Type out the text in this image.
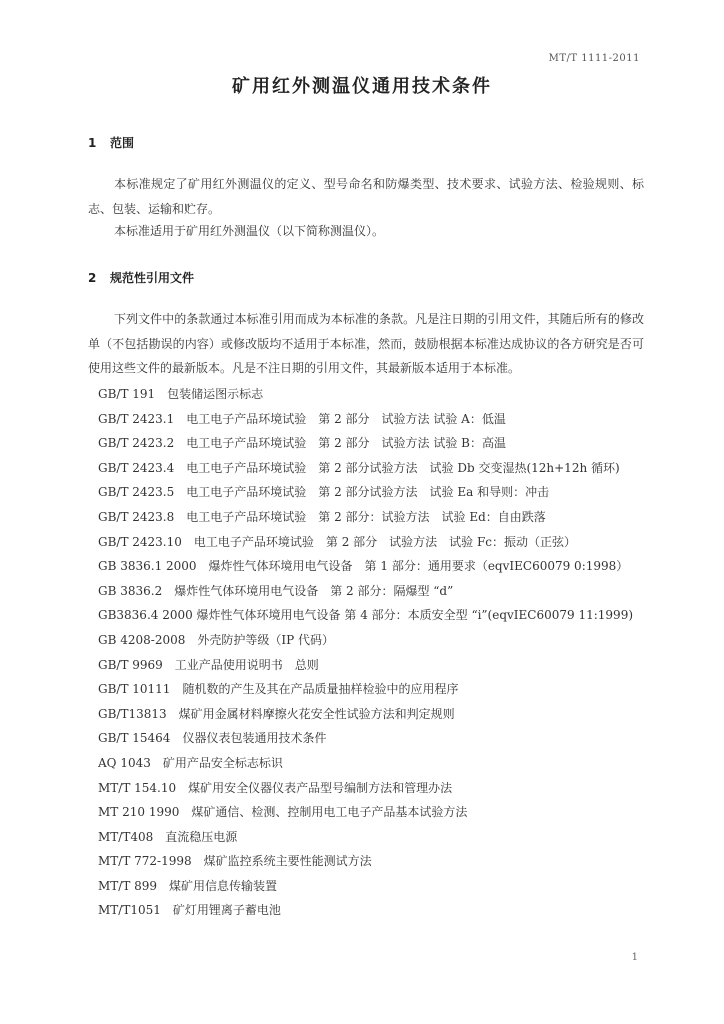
MT/T 1111-2011
矿用红外测温仪通用技术条件
1 范围
本标准规定了矿用红外测温仪的定义、型号命名和防爆类型、技术要求、试验方法、检验规则、标志、包装、运输和贮存。
本标准适用于矿用红外测温仪（以下简称测温仪）。
2 规范性引用文件
下列文件中的条款通过本标准引用而成为本标准的条款。凡是注日期的引用文件，其随后所有的修改单（不包括勘误的内容）或修改版均不适用于本标准，然而，鼓励根据本标准达成协议的各方研究是否可使用这些文件的最新版本。凡是不注日期的引用文件，其最新版本适用于本标准。
GB/T 191　包装储运图示标志
GB/T 2423.1　电工电子产品环境试验　第 2 部分　试验方法 试验 A：低温
GB/T 2423.2　电工电子产品环境试验　第 2 部分　试验方法 试验 B：高温
GB/T 2423.4　电工电子产品环境试验　第 2 部分试验方法　试验 Db 交变湿热(12h+12h 循环)
GB/T 2423.5　电工电子产品环境试验　第 2 部分试验方法　试验 Ea 和导则：冲击
GB/T 2423.8　电工电子产品环境试验　第 2 部分：试验方法　试验 Ed：自由跌落
GB/T 2423.10　电工电子产品环境试验　第 2 部分　试验方法　试验 Fc：振动（正弦）
GB 3836.1 2000　爆炸性气体环境用电气设备　第 1 部分：通用要求（eqvIEC60079 0:1998）
GB 3836.2　爆炸性气体环境用电气设备　第 2 部分：隔爆型 “d”
GB3836.4 2000 爆炸性气体环境用电气设备 第 4 部分：本质安全型 “i”(eqvIEC60079 11:1999)
GB 4208-2008　外壳防护等级（IP 代码）
GB/T 9969　工业产品使用说明书　总则
GB/T 10111　随机数的产生及其在产品质量抽样检验中的应用程序
GB/T13813　煤矿用金属材料摩擦火花安全性试验方法和判定规则
GB/T 15464　仪器仪表包装通用技术条件
AQ 1043　矿用产品安全标志标识
MT/T 154.10　煤矿用安全仪器仪表产品型号编制方法和管理办法
MT 210 1990　煤矿通信、检测、控制用电工电子产品基本试验方法
MT/T408　直流稳压电源
MT/T 772-1998　煤矿监控系统主要性能测试方法
MT/T 899　煤矿用信息传输装置
MT/T1051　矿灯用锂离子蓄电池
1
